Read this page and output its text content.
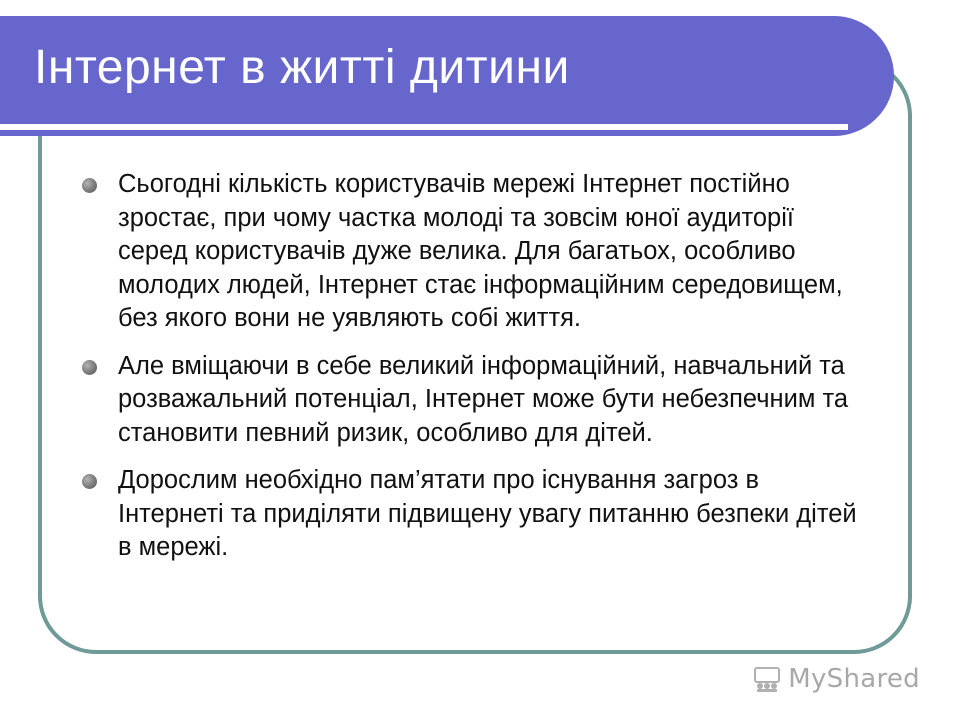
Інтернет в житті дитини
Сьогодні кількість користувачів мережі Інтернет постійно зростає, при чому частка молоді та зовсім юної аудиторії серед користувачів дуже велика. Для багатьох, особливо молодих людей, Інтернет стає інформаційним середовищем, без якого вони не уявляють собі життя.
Але вміщаючи в себе великий інформаційний, навчальний та розважальний потенціал, Інтернет може бути небезпечним та становити певний ризик, особливо для дітей.
Дорослим необхідно пам’ятати про існування загроз в Інтернеті та приділяти підвищену увагу питанню безпеки дітей в мережі.
MyShared
